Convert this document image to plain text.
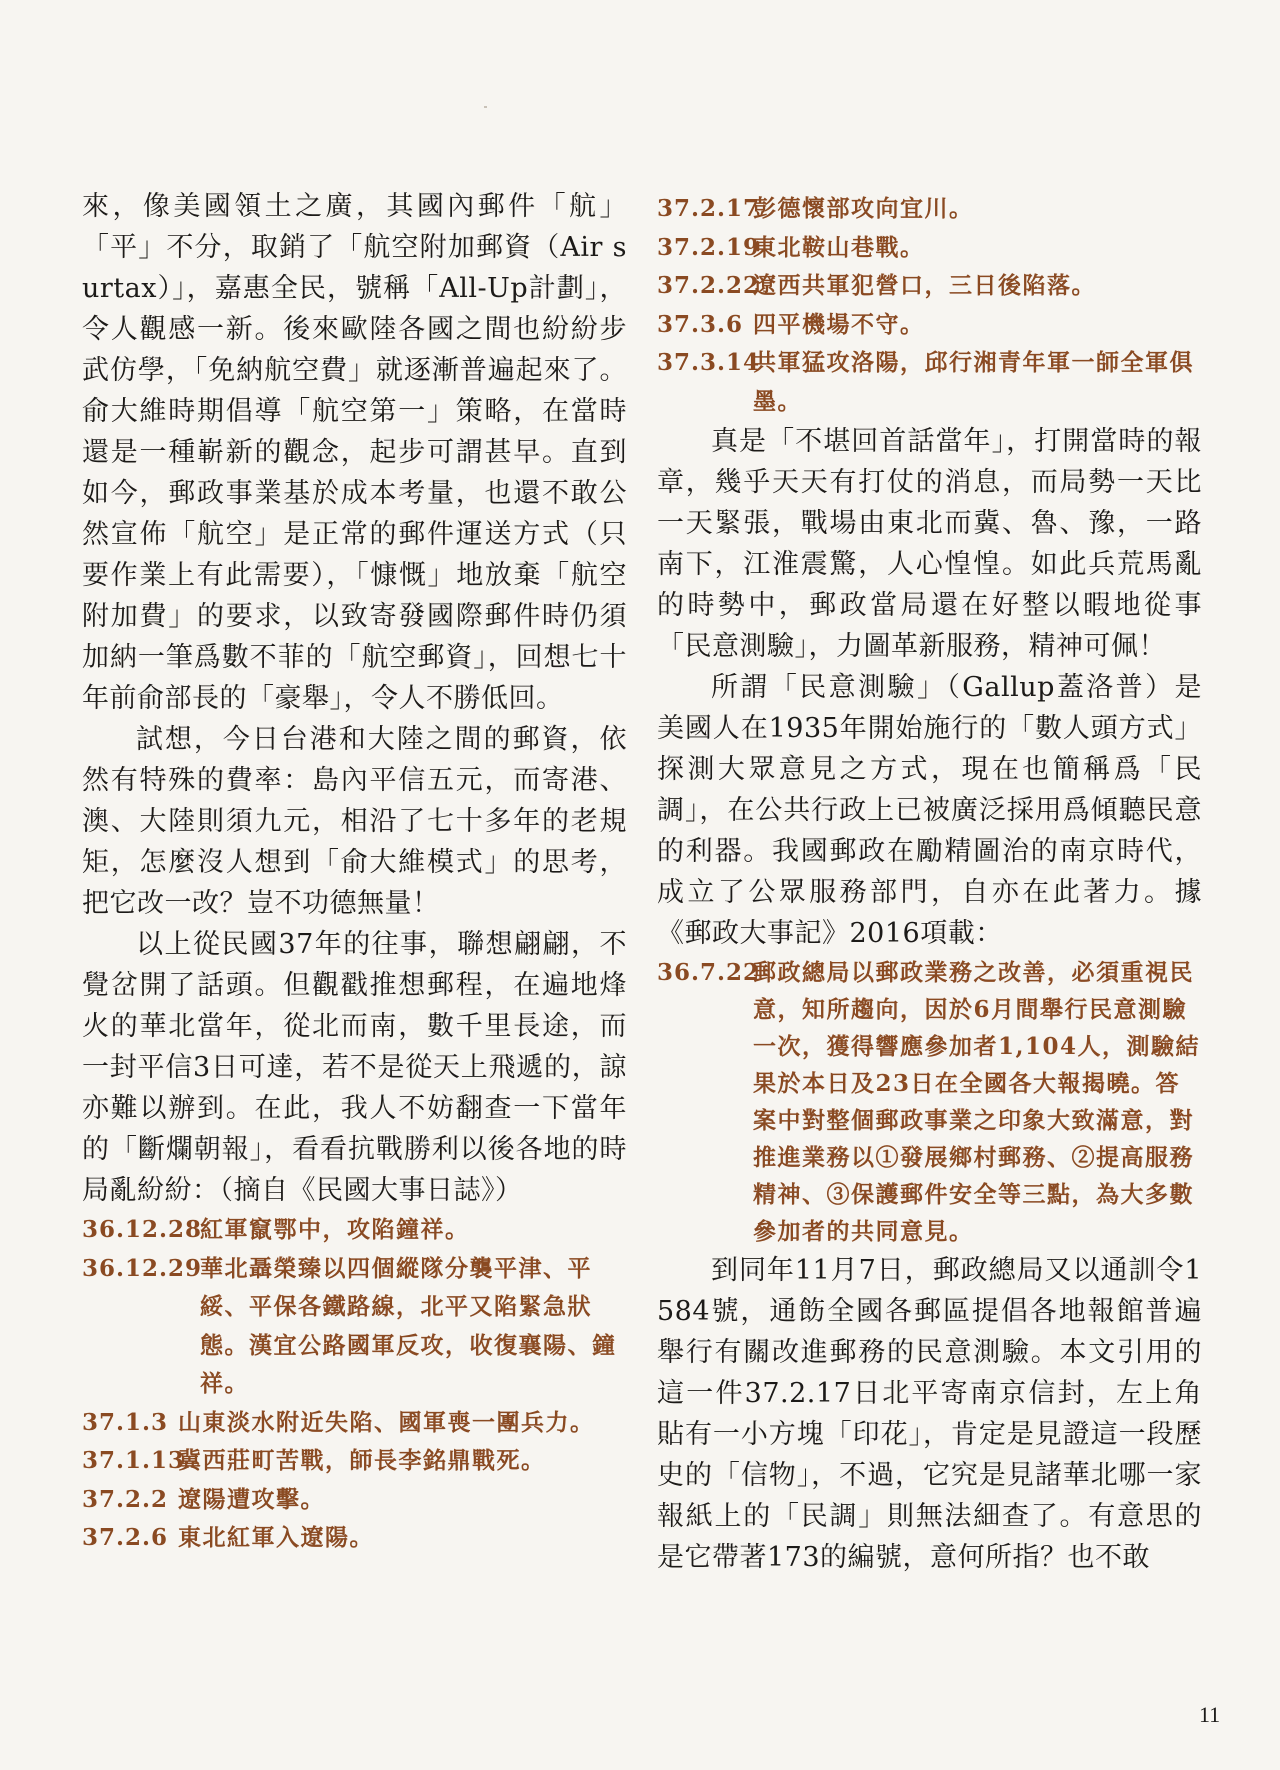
來，像美國領土之廣，其國內郵件「航」「平」不分，取銷了「航空附加郵資（Air surtax）」，嘉惠全民，號稱「All-Up計劃」，令人觀感一新。後來歐陸各國之間也紛紛步武仿學，「免納航空費」就逐漸普遍起來了。俞大維時期倡導「航空第一」策略，在當時還是一種嶄新的觀念，起步可謂甚早。直到如今，郵政事業基於成本考量，也還不敢公然宣佈「航空」是正常的郵件運送方式（只要作業上有此需要），「慷慨」地放棄「航空附加費」的要求，以致寄發國際郵件時仍須加納一筆爲數不菲的「航空郵資」，回想七十年前俞部長的「豪舉」，令人不勝低回。

試想，今日台港和大陸之間的郵資，依然有特殊的費率：島內平信五元，而寄港、澳、大陸則須九元，相沿了七十多年的老規矩，怎麼沒人想到「俞大維模式」的思考，把它改一改？豈不功德無量！

以上從民國37年的往事，聯想翩翩，不覺岔開了話頭。但觀戳推想郵程，在遍地烽火的華北當年，從北而南，數千里長途，而一封平信3日可達，若不是從天上飛遞的，諒亦難以辦到。在此，我人不妨翻查一下當年的「斷爛朝報」，看看抗戰勝利以後各地的時局亂紛紛：（摘自《民國大事日誌》）

36.12.28
紅軍竄鄂中，攻陷鐘祥。
36.12.29
華北聶榮臻以四個縱隊分襲平津、平綏、平保各鐵路線，北平又陷緊急狀態。漢宜公路國軍反攻，收復襄陽、鐘祥。
37.1.3 山東淡水附近失陷、國軍喪一團兵力。
37.1.13
冀西莊町苦戰，師長李銘鼎戰死。
37.2.2 遼陽遭攻擊。
37.2.6 東北紅軍入遼陽。
37.2.17
彭德懷部攻向宜川。
37.2.19
東北鞍山巷戰。
37.2.22
遼西共軍犯營口，三日後陷落。
37.3.6 四平機場不守。
37.3.14
共軍猛攻洛陽，邱行湘青年軍一師全軍俱墨。

真是「不堪回首話當年」，打開當時的報章，幾乎天天有打仗的消息，而局勢一天比一天緊張，戰場由東北而冀、魯、豫，一路南下，江淮震驚，人心惶惶。如此兵荒馬亂的時勢中，郵政當局還在好整以暇地從事「民意測驗」，力圖革新服務，精神可佩！

所謂「民意測驗」（Gallup蓋洛普）是美國人在1935年開始施行的「數人頭方式」探測大眾意見之方式，現在也簡稱爲「民調」，在公共行政上已被廣泛採用爲傾聽民意的利器。我國郵政在勵精圖治的南京時代，成立了公眾服務部門，自亦在此著力。據《郵政大事記》2016項載：

36.7.22
郵政總局以郵政業務之改善，必須重視民意，知所趨向，因於6月間舉行民意測驗一次，獲得響應參加者1,104人，測驗結果於本日及23日在全國各大報揭曉。答案中對整個郵政事業之印象大致滿意，對推進業務以①發展鄉村郵務、②提高服務精神、③保護郵件安全等三點，為大多數參加者的共同意見。

到同年11月7日，郵政總局又以通訓令1584號，通飭全國各郵區提倡各地報館普遍舉行有關改進郵務的民意測驗。本文引用的這一件37.2.17日北平寄南京信封，左上角貼有一小方塊「印花」，肯定是見證這一段歷史的「信物」，不過，它究是見諸華北哪一家報紙上的「民調」則無法細查了。有意思的是它帶著173的編號，意何所指？也不敢

11
